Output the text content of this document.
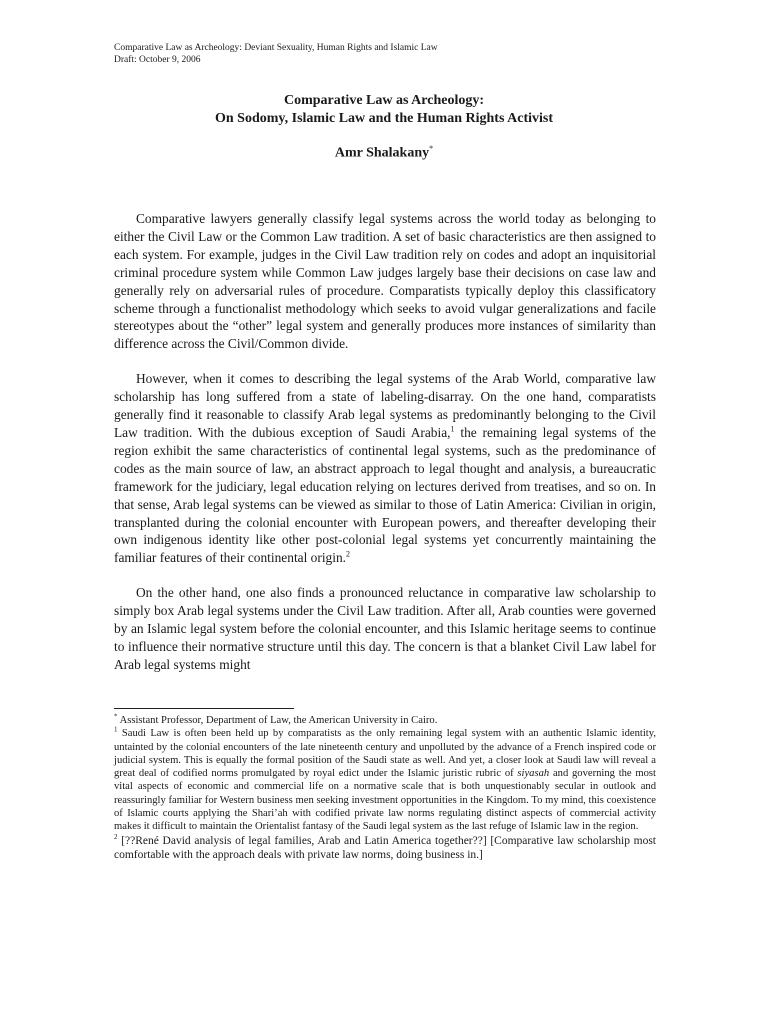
Comparative Law as Archeology: Deviant Sexuality, Human Rights and Islamic Law
Draft: October 9, 2006
Comparative Law as Archeology:
On Sodomy, Islamic Law and the Human Rights Activist
Amr Shalakany*

Comparative lawyers generally classify legal systems across the world today as belonging to either the Civil Law or the Common Law tradition. A set of basic characteristics are then assigned to each system. For example, judges in the Civil Law tradition rely on codes and adopt an inquisitorial criminal procedure system while Common Law judges largely base their decisions on case law and generally rely on adversarial rules of procedure. Comparatists typically deploy this classificatory scheme through a functionalist methodology which seeks to avoid vulgar generalizations and facile stereotypes about the “other” legal system and generally produces more instances of similarity than difference across the Civil/Common divide.

However, when it comes to describing the legal systems of the Arab World, comparative law scholarship has long suffered from a state of labeling-disarray. On the one hand, comparatists generally find it reasonable to classify Arab legal systems as predominantly belonging to the Civil Law tradition. With the dubious exception of Saudi Arabia,$^1$ the remaining legal systems of the region exhibit the same characteristics of continental legal systems, such as the predominance of codes as the main source of law, an abstract approach to legal thought and analysis, a bureaucratic framework for the judiciary, legal education relying on lectures derived from treatises, and so on. In that sense, Arab legal systems can be viewed as similar to those of Latin America: Civilian in origin, transplanted during the colonial encounter with European powers, and thereafter developing their own indigenous identity like other post-colonial legal systems yet concurrently maintaining the familiar features of their continental origin.$^2$

On the other hand, one also finds a pronounced reluctance in comparative law scholarship to simply box Arab legal systems under the Civil Law tradition. After all, Arab counties were governed by an Islamic legal system before the colonial encounter, and this Islamic heritage seems to continue to influence their normative structure until this day. The concern is that a blanket Civil Law label for Arab legal systems might

* Assistant Professor, Department of Law, the American University in Cairo.

$^1$ Saudi Law is often been held up by comparatists as the only remaining legal system with an authentic Islamic identity, untainted by the colonial encounters of the late nineteenth century and unpolluted by the advance of a French inspired code or judicial system. This is equally the formal position of the Saudi state as well. And yet, a closer look at Saudi law will reveal a great deal of codified norms promulgated by royal edict under the Islamic juristic rubric of siyasah and governing the most vital aspects of economic and commercial life on a normative scale that is both unquestionably secular in outlook and reassuringly familiar for Western business men seeking investment opportunities in the Kingdom. To my mind, this coexistence of Islamic courts applying the Shari’ah with codified private law norms regulating distinct aspects of commercial activity makes it difficult to maintain the Orientalist fantasy of the Saudi legal system as the last refuge of Islamic law in the region.

$^2$ [??René David analysis of legal families, Arab and Latin America together??] [Comparative law scholarship most comfortable with the approach deals with private law norms, doing business in.]
